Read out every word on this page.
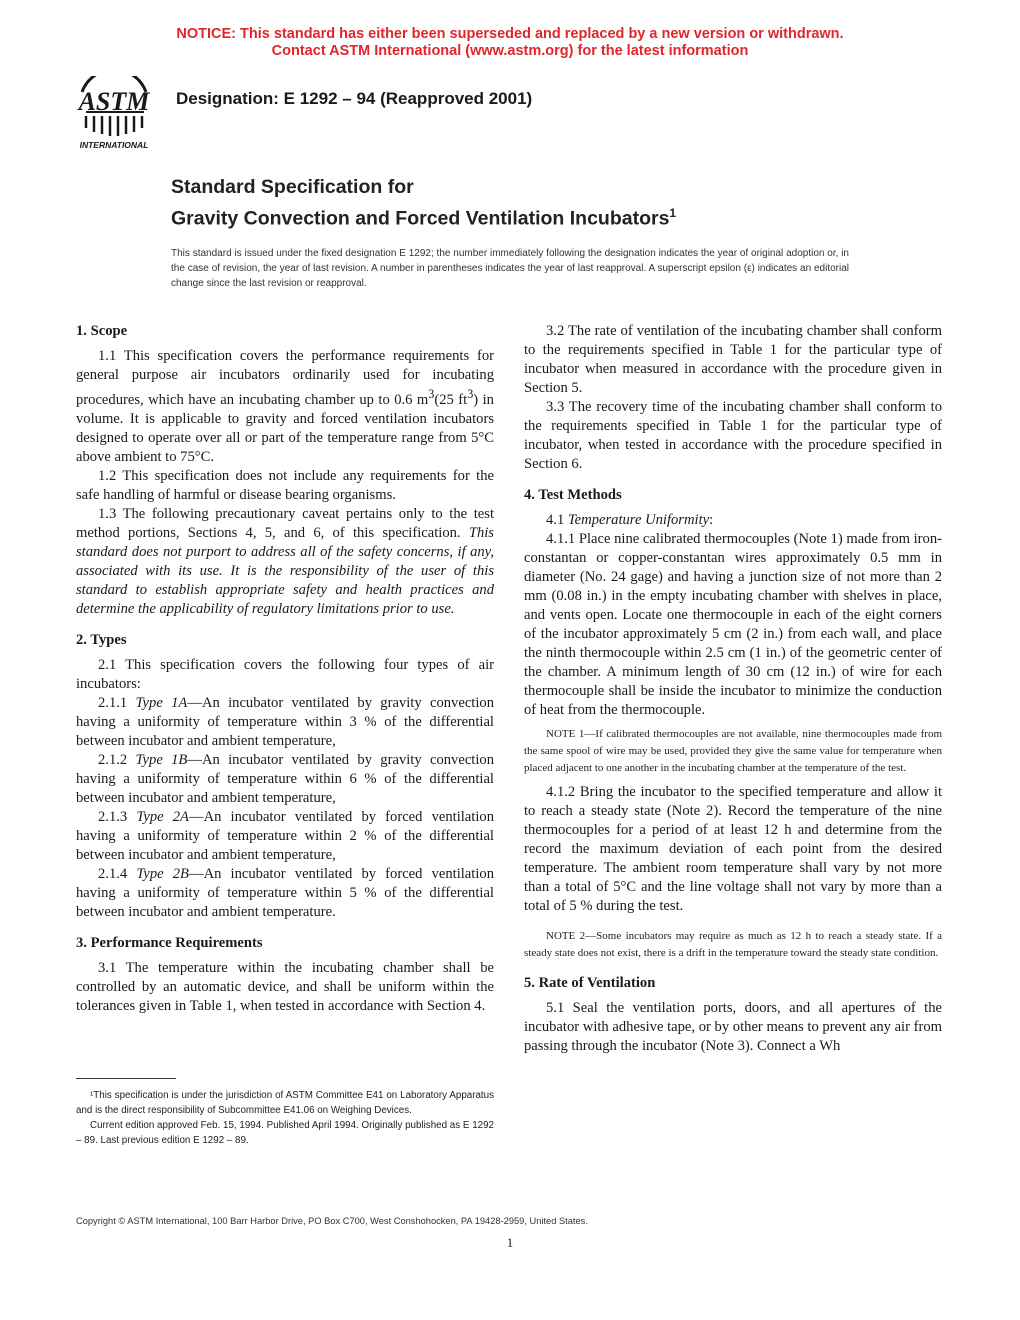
NOTICE: This standard has either been superseded and replaced by a new version or withdrawn.
Contact ASTM International (www.astm.org) for the latest information
ASTM
INTERNATIONAL
Designation: E 1292 – 94 (Reapproved 2001)
Standard Specification for
Gravity Convection and Forced Ventilation Incubators$^1$
This standard is issued under the fixed designation E 1292; the number immediately following the designation indicates the year of original adoption or, in the case of revision, the year of last revision. A number in parentheses indicates the year of last reapproval. A superscript epsilon (ε) indicates an editorial change since the last revision or reapproval.
1. Scope

1.1 This specification covers the performance requirements for general purpose air incubators ordinarily used for incubating procedures, which have an incubating chamber up to 0.6 $m^3(25$ $ft^3$) in volume. It is applicable to gravity and forced ventilation incubators designed to operate over all or part of the temperature range from 5°C above ambient to 75°C.

1.2 This specification does not include any requirements for the safe handling of harmful or disease bearing organisms.

1.3 The following precautionary caveat pertains only to the test method portions, Sections 4, 5, and 6, of this specification. This standard does not purport to address all of the safety concerns, if any, associated with its use. It is the responsibility of the user of this standard to establish appropriate safety and health practices and determine the applicability of regulatory limitations prior to use.

2. Types

2.1 This specification covers the following four types of air incubators:

2.1.1 Type 1A—An incubator ventilated by gravity convection having a uniformity of temperature within 3 % of the differential between incubator and ambient temperature,

2.1.2 Type 1B—An incubator ventilated by gravity convection having a uniformity of temperature within 6 % of the differential between incubator and ambient temperature,

2.1.3 Type 2A—An incubator ventilated by forced ventilation having a uniformity of temperature within 2 % of the differential between incubator and ambient temperature,

2.1.4 Type 2B—An incubator ventilated by forced ventilation having a uniformity of temperature within 5 % of the differential between incubator and ambient temperature.

3. Performance Requirements

3.1 The temperature within the incubating chamber shall be controlled by an automatic device, and shall be uniform within the tolerances given in Table 1, when tested in accordance with Section 4.

3.2 The rate of ventilation of the incubating chamber shall conform to the requirements specified in Table 1 for the particular type of incubator when measured in accordance with the procedure given in Section 5.

3.3 The recovery time of the incubating chamber shall conform to the requirements specified in Table 1 for the particular type of incubator, when tested in accordance with the procedure specified in Section 6.

4. Test Methods

4.1 Temperature Uniformity:

4.1.1 Place nine calibrated thermocouples (Note 1) made from iron-constantan or copper-constantan wires approximately 0.5 mm in diameter (No. 24 gage) and having a junction size of not more than 2 mm (0.08 in.) in the empty incubating chamber with shelves in place, and vents open. Locate one thermocouple in each of the eight corners of the incubator approximately 5 cm (2 in.) from each wall, and place the ninth thermocouple within 2.5 cm (1 in.) of the geometric center of the chamber. A minimum length of 30 cm (12 in.) of wire for each thermocouple shall be inside the incubator to minimize the conduction of heat from the thermocouple.

NOTE 1—If calibrated thermocouples are not available, nine thermocouples made from the same spool of wire may be used, provided they give the same value for temperature when placed adjacent to one another in the incubating chamber at the temperature of the test.

4.1.2 Bring the incubator to the specified temperature and allow it to reach a steady state (Note 2). Record the temperature of the nine thermocouples for a period of at least 12 h and determine from the record the maximum deviation of each point from the desired temperature. The ambient room temperature shall vary by not more than a total of 5°C and the line voltage shall not vary by more than a total of 5 % during the test.

NOTE 2—Some incubators may require as much as 12 h to reach a steady state. If a steady state does not exist, there is a drift in the temperature toward the steady state condition.

5. Rate of Ventilation

5.1 Seal the ventilation ports, doors, and all apertures of the incubator with adhesive tape, or by other means to prevent any air from passing through the incubator (Note 3). Connect a Wh

¹This specification is under the jurisdiction of ASTM Committee E41 on Laboratory Apparatus and is the direct responsibility of Subcommittee E41.06 on Weighing Devices.

Current edition approved Feb. 15, 1994. Published April 1994. Originally published as E 1292 – 89. Last previous edition E 1292 – 89.

Copyright © ASTM International, 100 Barr Harbor Drive, PO Box C700, West Conshohocken, PA 19428-2959, United States.
1
